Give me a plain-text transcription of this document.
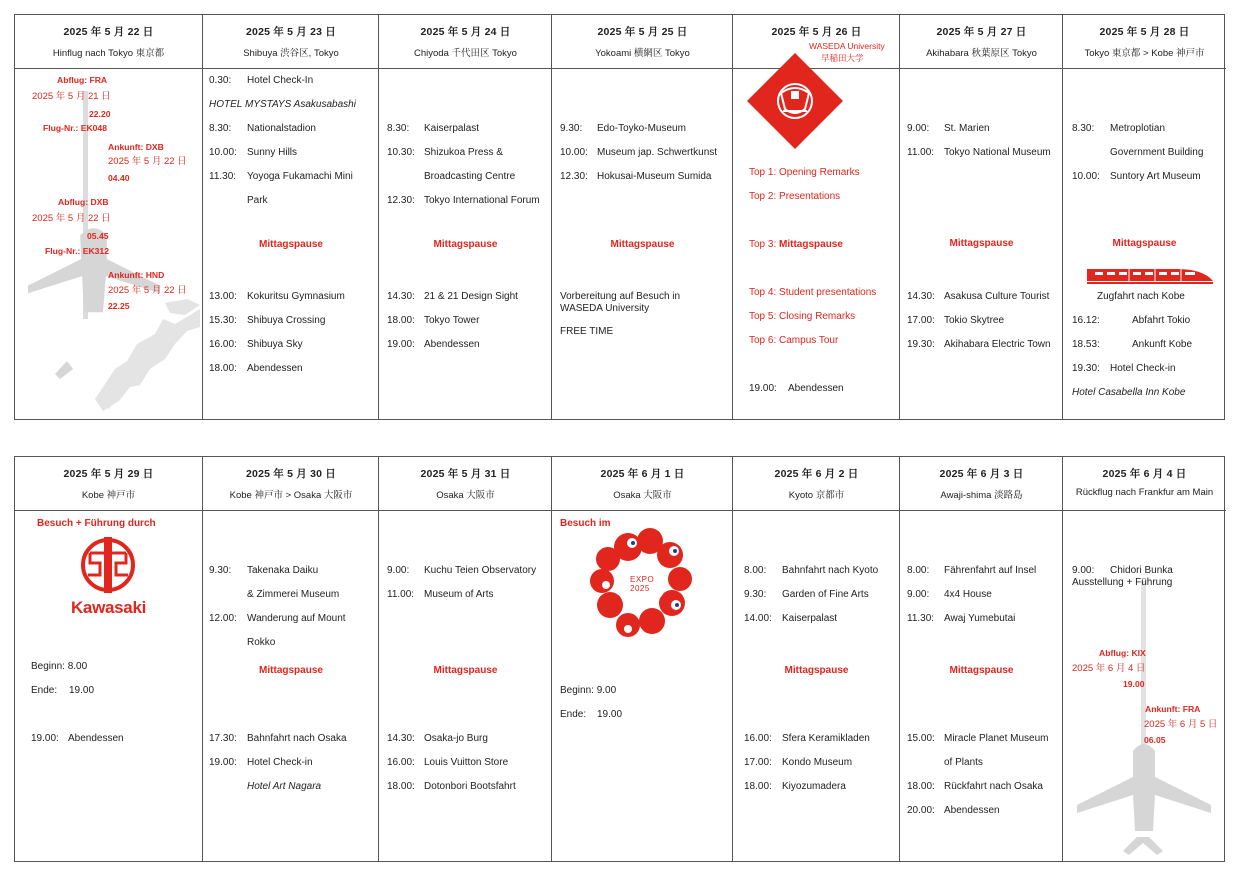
2025 年 5 月 22 日
Hinflug nach Tokyo 東京都
Abflug: FRA
2025 年 5 月 21 日
22.20
Flug-Nr.: EK048
Ankunft: DXB
2025 年 5 月 22 日
04.40
Abflug: DXB
2025 年 5 月 22 日
05.45
Flug-Nr.: EK312
Ankunft: HND
2025 年 5 月 22 日
22.25
2025 年 5 月 23 日
Shibuya 渋谷区, Tokyo
0.30: Hotel Check-In
HOTEL MYSTAYS Asakusabashi
8.30: Nationalstadion
10.00: Sunny Hills
11.30: Yoyoga Fukamachi Mini
Park
Mittagspause
13.00: Kokuritsu Gymnasium
15.30: Shibuya Crossing
16.00: Shibuya Sky
18.00: Abendessen
2025 年 5 月 24 日
Chiyoda 千代田区 Tokyo
8.30: Kaiserpalast
10.30: Shizukoa Press &
Broadcasting Centre
12.30: Tokyo International Forum
Mittagspause
14.30: 21 & 21 Design Sight
18.00: Tokyo Tower
19.00: Abendessen
2025 年 5 月 25 日
Yokoami 横網区 Tokyo
9.30: Edo-Toyko-Museum
10.00: Museum jap. Schwertkunst
12.30: Hokusai-Museum Sumida
Mittagspause
Vorbereitung auf Besuch in
WASEDA University
FREE TIME
2025 年 5 月 26 日
WASEDA University
早稲田大学
Top 1: Opening Remarks
Top 2: Presentations
Top 3: Mittagspause
Top 4: Student presentations
Top 5: Closing Remarks
Top 6: Campus Tour
19.00: Abendessen
2025 年 5 月 27 日
Akihabara 秋葉原区 Tokyo
9.00: St. Marien
11.00: Tokyo National Museum
Mittagspause
14.30: Asakusa Culture Tourist
17.00: Tokio Skytree
19.30: Akihabara Electric Town
2025 年 5 月 28 日
Tokyo 東京都 > Kobe 神戸市
8.30: Metroplotian
Government Building
10.00: Suntory Art Museum
Mittagspause
Zugfahrt nach Kobe
16.12:	Abfahrt Tokio
18.53:	Ankunft Kobe
19.30: Hotel Check-in
Hotel Casabella Inn Kobe
2025 年 5 月 29 日
Kobe 神戸市
Besuch + Führung durch
Kawasaki
Beginn: 8.00
Ende: 19.00
19.00: Abendessen
2025 年 5 月 30 日
Kobe 神戸市 > Osaka 大阪市
9.30: Takenaka Daiku
& Zimmerei Museum
12.00: Wanderung auf Mount
Rokko
Mittagspause
17.30: Bahnfahrt nach Osaka
19.00: Hotel Check-in
Hotel Art Nagara
2025 年 5 月 31 日
Osaka 大阪市
9.00: Kuchu Teien Observatory
11.00: Museum of Arts
Mittagspause
14.30: Osaka-jo Burg
16.00: Louis Vuitton Store
18.00: Dotonbori Bootsfahrt
2025 年 6 月 1 日
Osaka 大阪市
Besuch im
EXPO
2025
Beginn: 9.00
Ende: 19.00
2025 年 6 月 2 日
Kyoto 京都市
8.00: Bahnfahrt nach Kyoto
9.30: Garden of Fine Arts
14.00: Kaiserpalast
Mittagspause
16.00: Sfera Keramikladen
17.00: Kondo Museum
18.00: Kiyozumadera
2025 年 6 月 3 日
Awaji-shima 淡路島
8.00: Fährenfahrt auf Insel
9.00: 4x4 House
11.30: Awaj Yumebutai
Mittagspause
15.00: Miracle Planet Museum
of Plants
18.00: Rückfahrt nach Osaka
20.00: Abendessen
2025 年 6 月 4 日
Rückflug nach Frankfur am Main
9.00: Chidori Bunka
Ausstellung + Führung
Abflug: KIX
2025 年 6 月 4 日
19.00
Ankunft: FRA
2025 年 6 月 5 日
06.05
